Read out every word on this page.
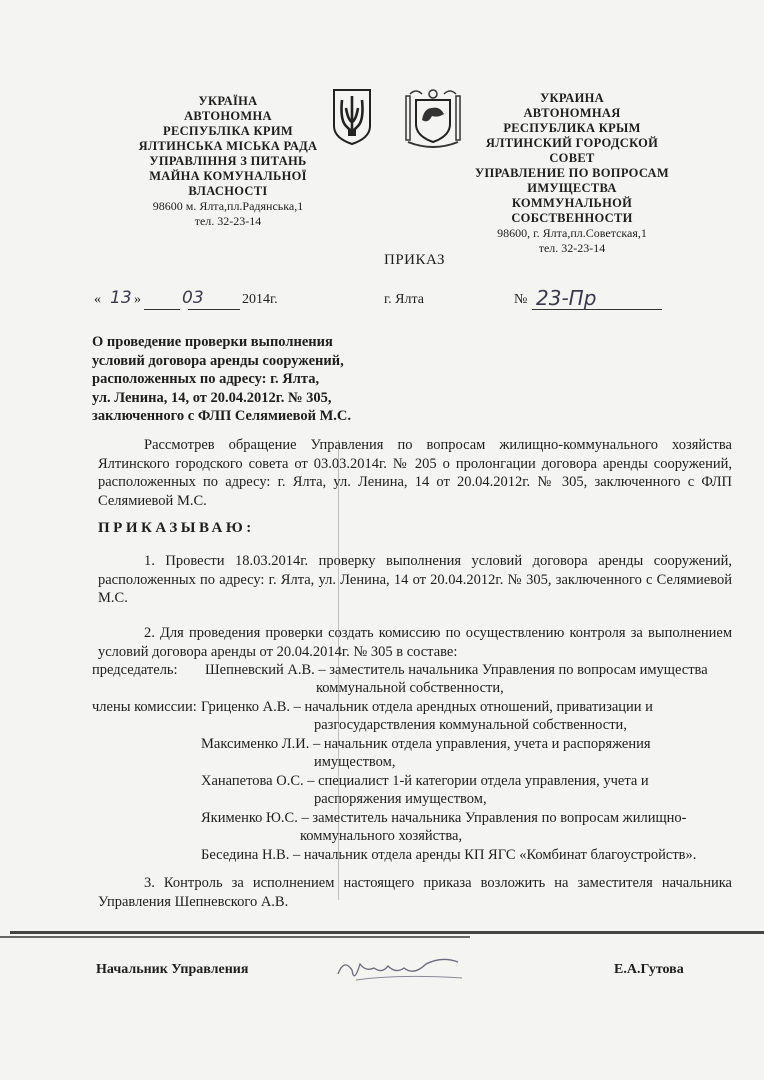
УКРАЇНА
АВТОНОМНА
РЕСПУБЛІКА КРИМ
ЯЛТИНСЬКА МІСЬКА РАДА
УПРАВЛІННЯ З ПИТАНЬ
МАЙНА КОМУНАЛЬНОЇ
ВЛАСНОСТІ
98600 м. Ялта,пл.Радянська,1
тел. 32-23-14
УКРАИНА
АВТОНОМНАЯ
РЕСПУБЛИКА КРЫМ
ЯЛТИНСКИЙ ГОРОДСКОЙ СОВЕТ
УПРАВЛЕНИЕ ПО ВОПРОСАМ
ИМУЩЕСТВА КОММУНАЛЬНОЙ
СОБСТВЕННОСТИ
98600, г. Ялта,пл.Советская,1
тел. 32-23-14
ПРИКАЗ
« 13 » 03	2014г.	г. Ялта	№ 23-Пр
О проведение проверки выполнения
условий договора аренды сооружений,
расположенных по адресу: г. Ялта,
ул. Ленина, 14, от 20.04.2012г. № 305,
заключенного с ФЛП Селямиевой М.С.
Рассмотрев обращение Управления по вопросам жилищно-коммунального хозяйства Ялтинского городского совета от 03.03.2014г. № 205 о пролонгации договора аренды сооружений, расположенных по адресу: г. Ялта, ул. Ленина, 14 от 20.04.2012г. № 305, заключенного с ФЛП Селямиевой М.С.
ПРИКАЗЫВАЮ:
1. Провести 18.03.2014г. проверку выполнения условий договора аренды сооружений, расположенных по адресу: г. Ялта, ул. Ленина, 14 от 20.04.2012г. № 305, заключенного с Селямиевой М.С.
2. Для проведения проверки создать комиссию по осуществлению контроля за выполнением условий договора аренды от 20.04.2014г. № 305 в составе:
председатель: Шепневский А.В. – заместитель начальника Управления по вопросам имущества
коммунальной собственности,
члены комиссии: Гриценко А.В. – начальник отдела арендных отношений, приватизации и
разгосударствления коммунальной собственности,
Максименко Л.И. – начальник отдела управления, учета и распоряжения
имуществом,
Ханапетова О.С. – специалист 1-й категории отдела управления, учета и
распоряжения имуществом,
Якименко Ю.С. – заместитель начальника Управления по вопросам жилищно-
коммунального хозяйства,
Беседина Н.В. – начальник отдела аренды КП ЯГС «Комбинат благоустройств».
3. Контроль за исполнением настоящего приказа возложить на заместителя начальника Управления Шепневского А.В.
Начальник Управления	Е.А.Гутова
